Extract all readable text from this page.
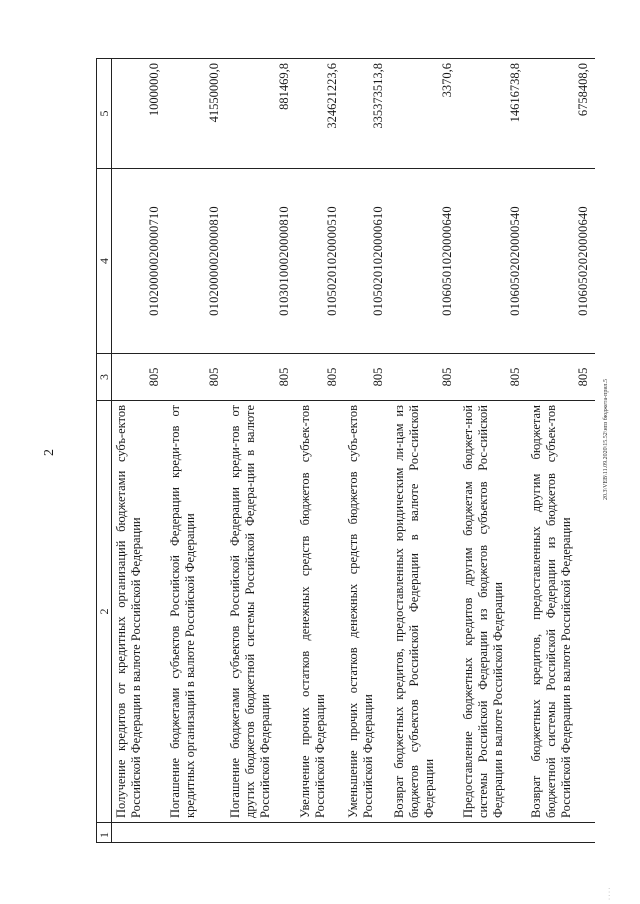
2	20.3\VEB\11.09.2020\15.52\нпз бюджета-прил.5
· · · ·
1	2	3	4	5
	Получение кредитов от кредитных организаций бюджетами субъ-ектов Российской Федерации в валюте Российской Федерации	805	01020000020000710	1000000,0
	Погашение бюджетами субъектов Российской Федерации креди-тов от кредитных организаций в валюте Российской Федерации	805	01020000020000810	41550000,0
	Погашение бюджетами субъектов Российской Федерации креди-тов от других бюджетов бюджетной системы Российской Федера-ции в валюте Российской Федерации	805	01030100020000810	881469,8
	Увеличение прочих остатков денежных средств бюджетов субъек-тов Российской Федерации	805	01050201020000510	324621223,6
	Уменьшение прочих остатков денежных средств бюджетов субъ-ектов Российской Федерации	805	01050201020000610	335373513,8
	Возврат бюджетных кредитов, предоставленных юридическим ли-цам из бюджетов субъектов Российской Федерации в валюте Рос-сийской Федерации	805	01060501020000640	3370,6
	Предоставление бюджетных кредитов другим бюджетам бюджет-ной системы Российской Федерации из бюджетов субъектов Рос-сийской Федерации в валюте Российской Федерации	805	01060502020000540	14616738,8
	Возврат бюджетных кредитов, предоставленных другим бюджетам бюджетной системы Российской Федерации из бюджетов субъек-тов Российской Федерации в валюте Российской Федерации	805	01060502020000640	6758408,0
